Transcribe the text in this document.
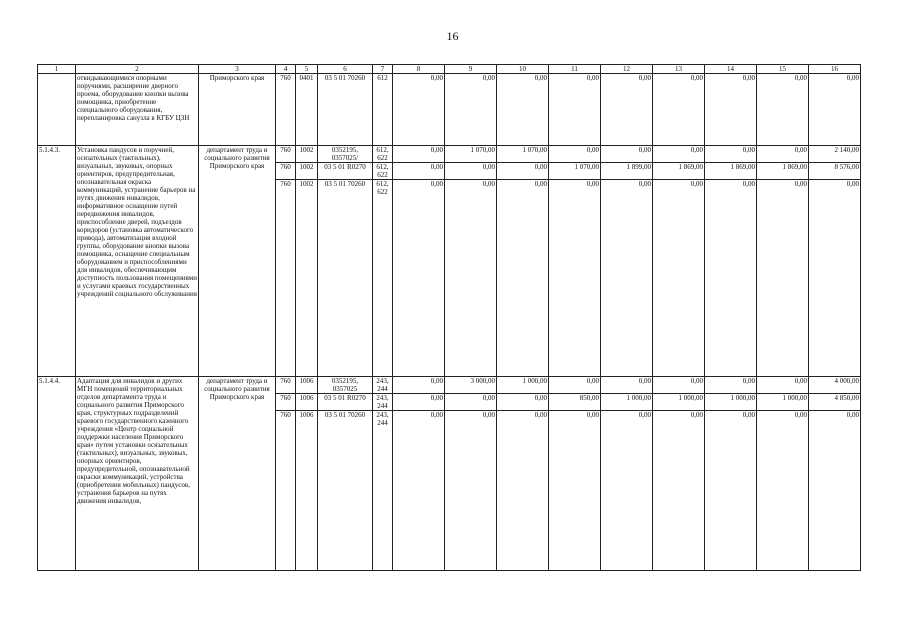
16
1	2	3	4	5	6	7	8	9	10	11	12	13	14	15	16
	откидывающимися опорными поручнями, расширение дверного проема, оборудование кнопки вызова помощника, приобретение специального оборудования, перепланировка санузла в КГБУ ЦЗН	Приморского края	760	0401	03 5 01 70260	612	0,00	0,00	0,00	0,00	0,00	0,00	0,00	0,00	0,00
5.1.4.3.	Установка пандусов и поручней, осязательных (тактильных), визуальных, звуковых, опорных ориентиров, предупредительная, опознавательная окраска коммуникаций, устранение барьеров на путях движения инвалидов, информативное оснащение путей передвижения инвалидов, приспособление дверей, подъездов коридоров (установка автоматического привода), автоматизация входной группы, оборудование кнопки вызова помощника, оснащение специальным оборудованием и приспособлениями для инвалидов, обеспечивающим доступность пользования помещениями и услугами краевых государственных учреждений социального обслуживания	департамент труда и социального развития Приморского края	760	1002	0352195, 0357025/	612, 622	0,00	1 070,00	1 070,00	0,00	0,00	0,00	0,00	0,00	2 140,00
			760	1002	03 5 01 R0270	612, 622	0,00	0,00	0,00	1 070,00	1 899,00	1 869,00	1 869,00	1 869,00	8 576,00
			760	1002	03 5 01 70260	612, 622	0,00	0,00	0,00	0,00	0,00	0,00	0,00	0,00	0,00
5.1.4.4.	Адаптация для инвалидов и других МГН помещений территориальных отделов департамента труда и социального развития Приморского края, структурных подразделений краевого государственного казенного учреждения «Центр социальной поддержки населения Приморского края» путем установки осязательных (тактильных), визуальных, звуковых, опорных ориентиров, предупредительной, опознавательной окраски коммуникаций, устройства (приобретения мобильных) пандусов, устранения барьеров на путях движения инвалидов,	департамент труда и социального развития Приморского края	760	1006	0352195, 0357025	243, 244	0,00	3 000,00	1 000,00	0,00	0,00	0,00	0,00	0,00	4 000,00
			760	1006	03 5 01 R0270	243, 244	0,00	0,00	0,00	850,00	1 000,00	1 000,00	1 000,00	1 000,00	4 850,00
			760	1006	03 5 01 70260	243, 244	0,00	0,00	0,00	0,00	0,00	0,00	0,00	0,00	0,00
